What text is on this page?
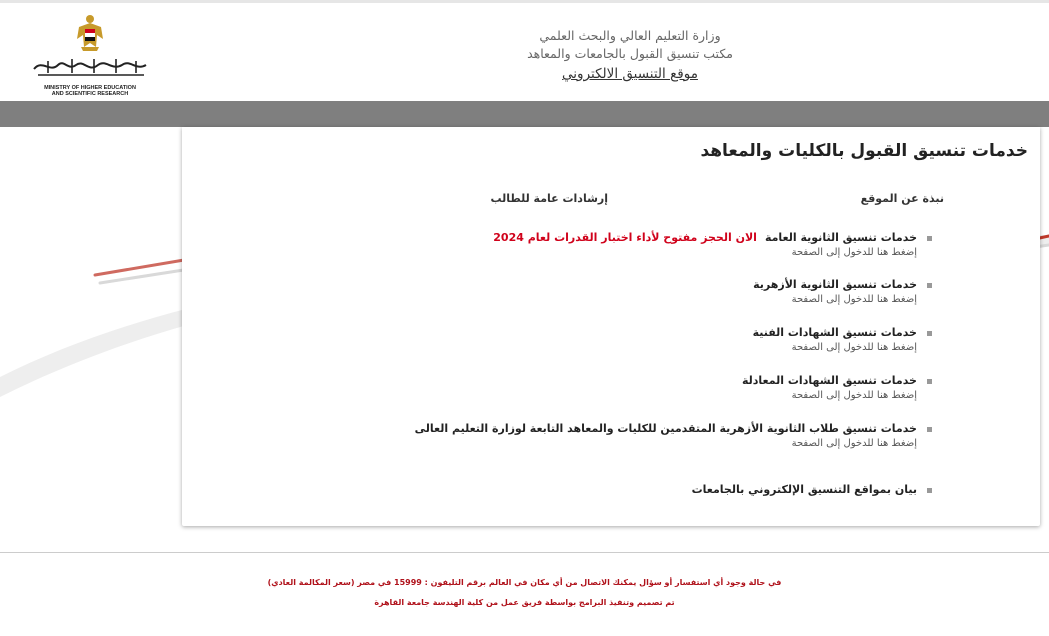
MINISTRY OF HIGHER EDUCATION
AND SCIENTIFIC RESEARCH
وزارة التعليم العالي والبحث العلمي
مكتب تنسيق القبول بالجامعات والمعاهد
موقع التنسيق الالكتروني
خدمات تنسيق القبول بالكليات والمعاهد
نبذة عن الموقع
إرشادات عامة للطالب
خدمات تنسيق الثانوية العامةالان الحجز مفتوح لأداء اختبار القدرات لعام 2024
إضغط هنا للدخول إلى الصفحة
خدمات تنسيق الثانوية الأزهرية
إضغط هنا للدخول إلى الصفحة
خدمات تنسيق الشهادات الفنية
إضغط هنا للدخول إلى الصفحة
خدمات تنسيق الشهادات المعادلة
إضغط هنا للدخول إلى الصفحة
خدمات تنسيق طلاب الثانوية الأزهرية المتقدمين للكليات والمعاهد التابعة لوزارة التعليم العالى
إضغط هنا للدخول إلى الصفحة
بيان بمواقع التنسيق الإلكتروني بالجامعات

في حالة وجود أي استفسار أو سؤال يمكنك الاتصال من أي مكان في العالم برقم التليفون : 15999 في مصر (سعر المكالمة العادي)

تم تصميم وتنفيذ البرامج بواسطة فريق عمل من كلية الهندسة جامعة القاهرة
